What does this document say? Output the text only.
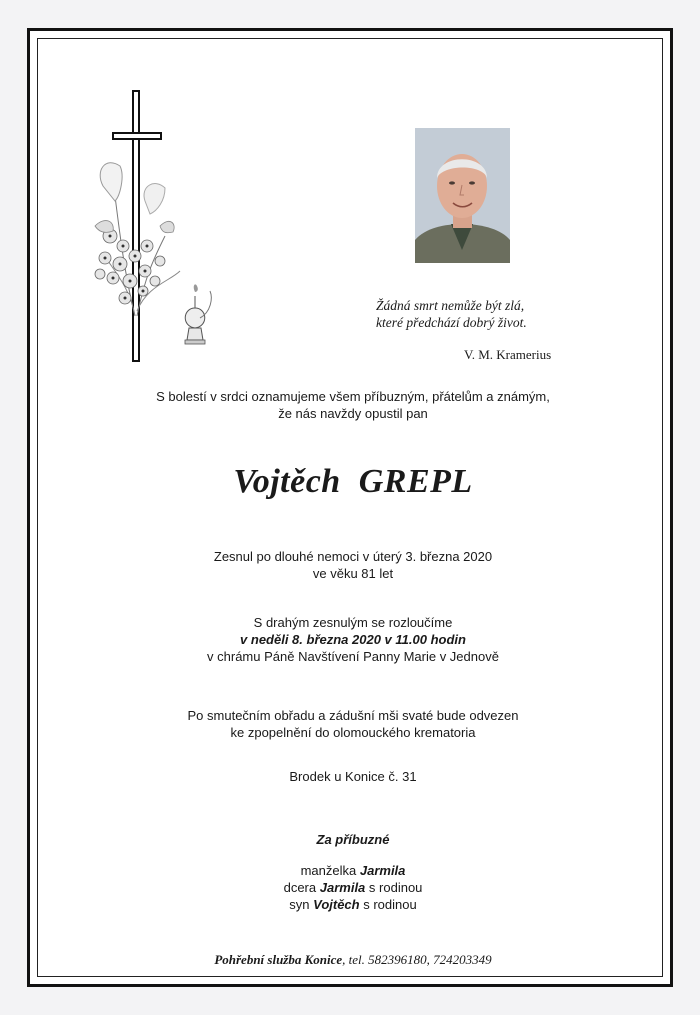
Žádná smrt nemůže být zlá,
které předchází dobrý život.
V. M. Kramerius
S bolestí v srdci oznamujeme všem příbuzným, přátelům a známým,
že nás navždy opustil pan
Vojtěch GREPL
Zesnul po dlouhé nemoci v úterý 3. března 2020
ve věku 81 let
S drahým zesnulým se rozloučíme
v neděli 8. března 2020 v 11.00 hodin
v chrámu Páně Navštívení Panny Marie v Jednově
Po smutečním obřadu a zádušní mši svaté bude odvezen
ke zpopelnění do olomouckého krematoria
Brodek u Konice č. 31
Za příbuzné
manželka Jarmila
dcera Jarmila s rodinou
syn Vojtěch s rodinou
Pohřební služba Konice, tel. 582396180, 724203349
